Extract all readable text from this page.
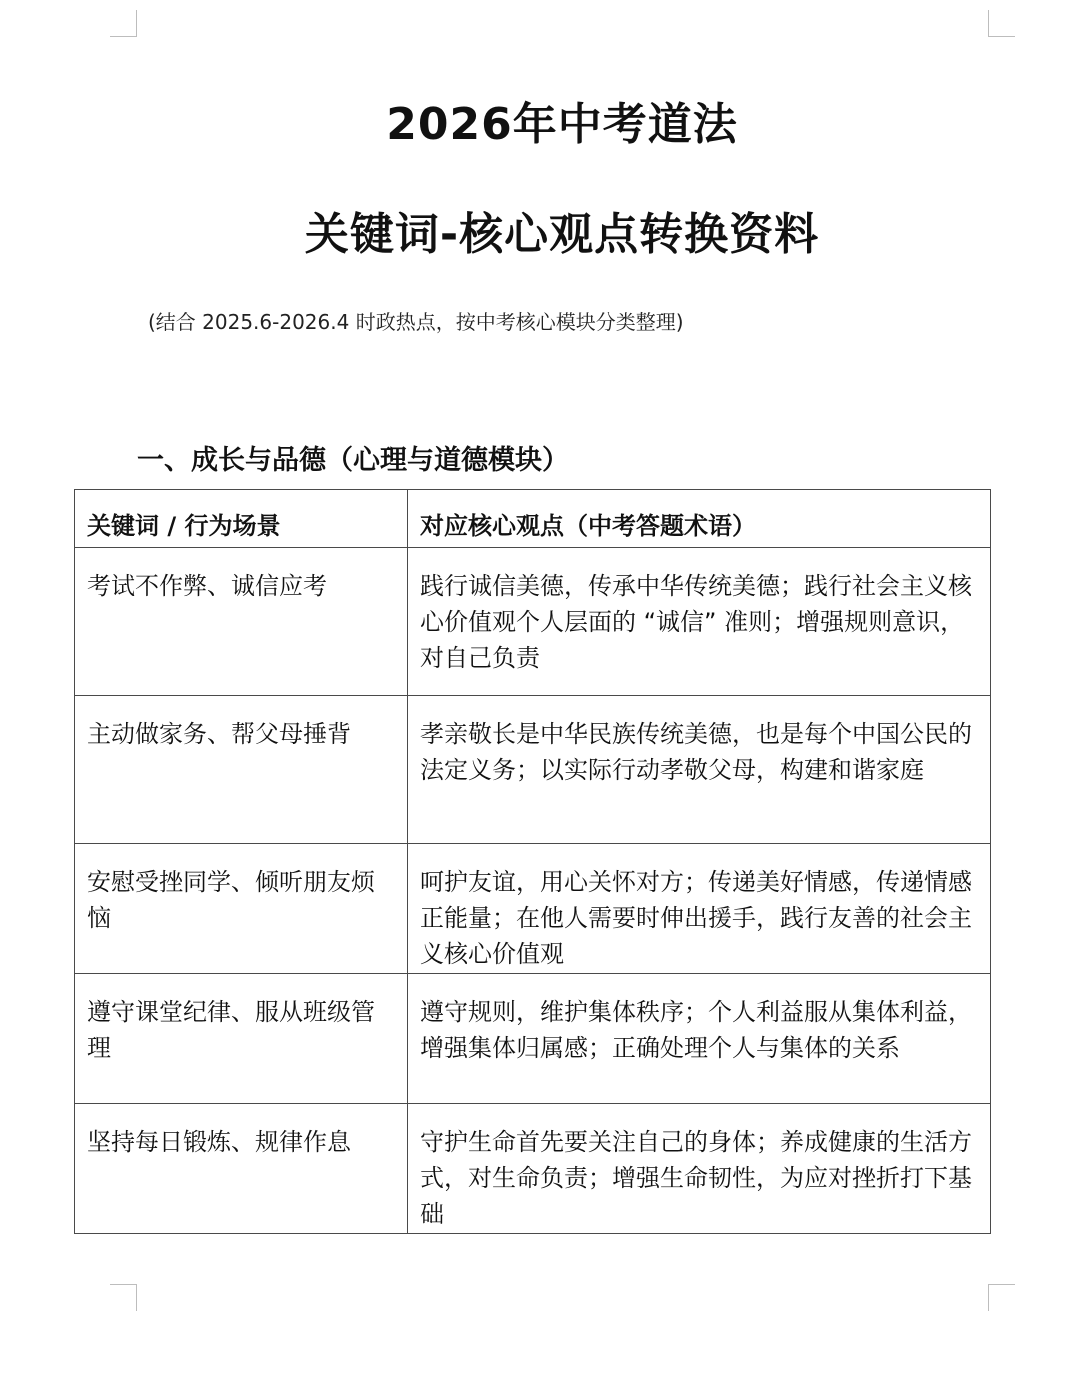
2026年中考道法
关键词-核心观点转换资料

(结合 2025.6-2026.4 时政热点，按中考核心模块分类整理)

一、成长与品德（心理与道德模块）
关键词 / 行为场景	对应核心观点（中考答题术语）
考试不作弊、诚信应考	践行诚信美德，传承中华传统美德；践行社会主义核心价值观个人层面的 “诚信” 准则；增强规则意识，对自己负责
主动做家务、帮父母捶背	孝亲敬长是中华民族传统美德，也是每个中国公民的法定义务；以实际行动孝敬父母，构建和谐家庭
安慰受挫同学、倾听朋友烦恼	呵护友谊，用心关怀对方；传递美好情感，传递情感正能量；在他人需要时伸出援手，践行友善的社会主义核心价值观
遵守课堂纪律、服从班级管理	遵守规则，维护集体秩序；个人利益服从集体利益，增强集体归属感；正确处理个人与集体的关系
坚持每日锻炼、规律作息	守护生命首先要关注自己的身体；养成健康的生活方式，对生命负责；增强生命韧性，为应对挫折打下基础
